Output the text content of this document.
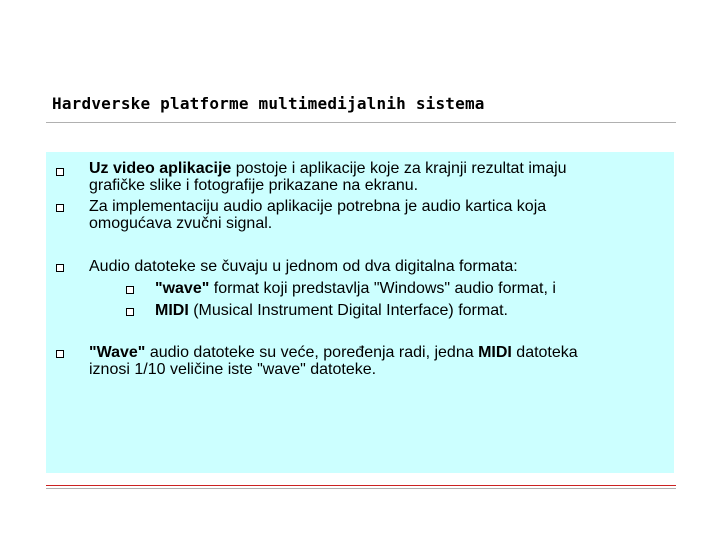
Hardverske platforme multimedijalnih sistema
Uz video aplikacije postoje i aplikacije koje za krajnji rezultat imaju
grafičke slike i fotografije prikazane na ekranu.
Za implementaciju audio aplikacije potrebna je audio kartica koja
omogućava zvučni signal.
Audio datoteke se čuvaju u jednom od dva digitalna formata:
"wave" format koji predstavlja "Windows" audio format, i
MIDI (Musical Instrument Digital Interface) format.
"Wave" audio datoteke su veće, poređenja radi, jedna MIDI datoteka
iznosi 1/10 veličine iste "wave" datoteke.
